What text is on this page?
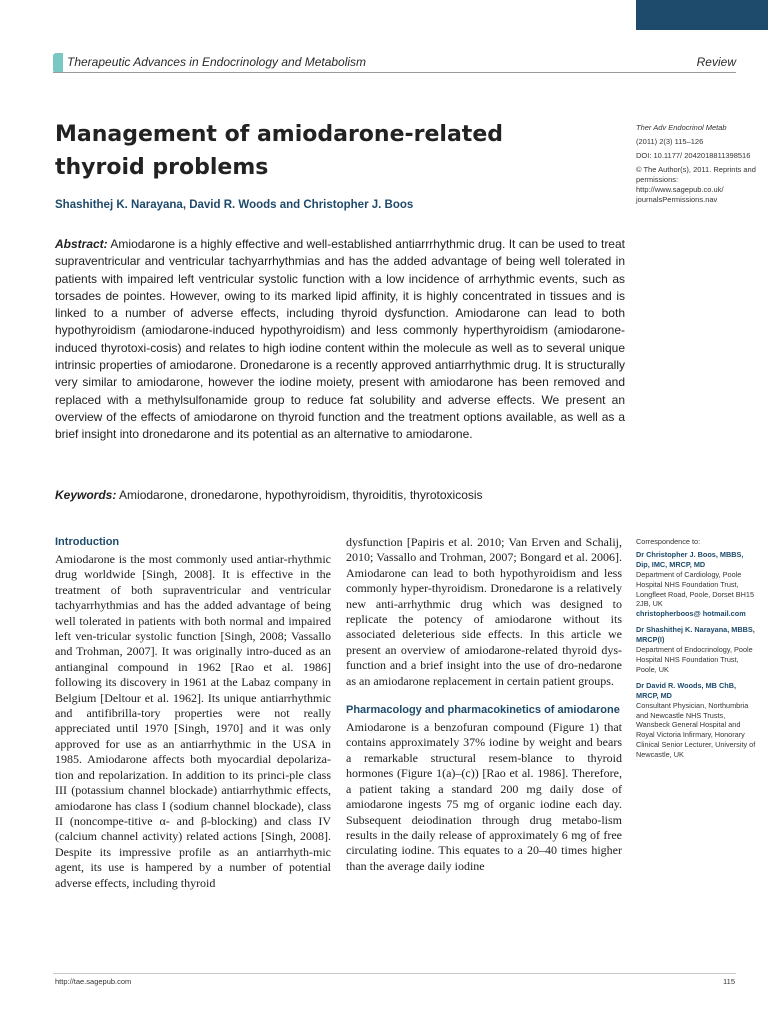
Therapeutic Advances in Endocrinology and Metabolism	Review
Management of amiodarone-related thyroid problems
Shashithej K. Narayana, David R. Woods and Christopher J. Boos
Abstract: Amiodarone is a highly effective and well-established antiarrrhythmic drug. It can be used to treat supraventricular and ventricular tachyarrhythmias and has the added advantage of being well tolerated in patients with impaired left ventricular systolic function with a low incidence of arrhythmic events, such as torsades de pointes. However, owing to its marked lipid affinity, it is highly concentrated in tissues and is linked to a number of adverse effects, including thyroid dysfunction. Amiodarone can lead to both hypothyroidism (amiodarone-induced hypothyroidism) and less commonly hyperthyroidism (amiodarone-induced thyrotoxi-cosis) and relates to high iodine content within the molecule as well as to several unique intrinsic properties of amiodarone. Dronedarone is a recently approved antiarrhythmic drug. It is structurally very similar to amiodarone, however the iodine moiety, present with amiodarone has been removed and replaced with a methylsulfonamide group to reduce fat solubility and adverse effects. We present an overview of the effects of amiodarone on thyroid function and the treatment options available, as well as a brief insight into dronedarone and its potential as an alternative to amiodarone.
Keywords: Amiodarone, dronedarone, hypothyroidism, thyroiditis, thyrotoxicosis

Ther Adv Endocrinol Metab

(2011) 2(3) 115–126

DOI: 10.1177/ 2042018811398516

© The Author(s), 2011. Reprints and permissions: http://www.sagepub.co.uk/ journalsPermissions.nav

Introduction

Amiodarone is the most commonly used antiar-rhythmic drug worldwide [Singh, 2008]. It is effective in the treatment of both supraventricular and ventricular tachyarrhythmias and has the added advantage of being well tolerated in patients with both normal and impaired left ven-tricular systolic function [Singh, 2008; Vassallo and Trohman, 2007]. It was originally intro-duced as an antianginal compound in 1962 [Rao et al. 1986] following its discovery in 1961 at the Labaz company in Belgium [Deltour et al. 1962]. Its unique antiarrhythmic and antifibrilla-tory properties were not really appreciated until 1970 [Singh, 1970] and it was only approved for use as an antiarrhythmic in the USA in 1985. Amiodarone affects both myocardial depolariza-tion and repolarization. In addition to its princi-ple class III (potassium channel blockade) antiarrhythmic effects, amiodarone has class I (sodium channel blockade), class II (noncompe-titive α- and β-blocking) and class IV (calcium channel activity) related actions [Singh, 2008]. Despite its impressive profile as an antiarrhyth-mic agent, its use is hampered by a number of potential adverse effects, including thyroid

dysfunction [Papiris et al. 2010; Van Erven and Schalij, 2010; Vassallo and Trohman, 2007; Bongard et al. 2006]. Amiodarone can lead to both hypothyroidism and less commonly hyper-thyroidism. Dronedarone is a relatively new anti-arrhythmic drug which was designed to replicate the potency of amiodarone without its associated deleterious side effects. In this article we present an overview of amiodarone-related thyroid dys-function and a brief insight into the use of dro-nedarone as an amiodarone replacement in certain patient groups.

Pharmacology and pharmacokinetics of amiodarone

Amiodarone is a benzofuran compound (Figure 1) that contains approximately 37% iodine by weight and bears a remarkable structural resem-blance to thyroid hormones (Figure 1(a)–(c)) [Rao et al. 1986]. Therefore, a patient taking a standard 200 mg daily dose of amiodarone ingests 75 mg of organic iodine each day. Subsequent deiodination through drug metabo-lism results in the daily release of approximately 6 mg of free circulating iodine. This equates to a 20–40 times higher than the average daily iodine

Correspondence to:
Dr Christopher J. Boos, MBBS, Dip, IMC, MRCP, MD
Department of Cardiology, Poole Hospital NHS Foundation Trust, Longfleet Road, Poole, Dorset BH15 2JB, UK
christopherboos@ hotmail.com
Dr Shashithej K. Narayana, MBBS, MRCP(I)
Department of Endocrinology, Poole Hospital NHS Foundation Trust, Poole, UK
Dr David R. Woods, MB ChB, MRCP, MD
Consultant Physician, Northumbria and Newcastle NHS Trusts, Wansbeck General Hospital and Royal Victoria Infirmary, Honorary Clinical Senior Lecturer, University of Newcastle, UK
http://tae.sagepub.com	115
